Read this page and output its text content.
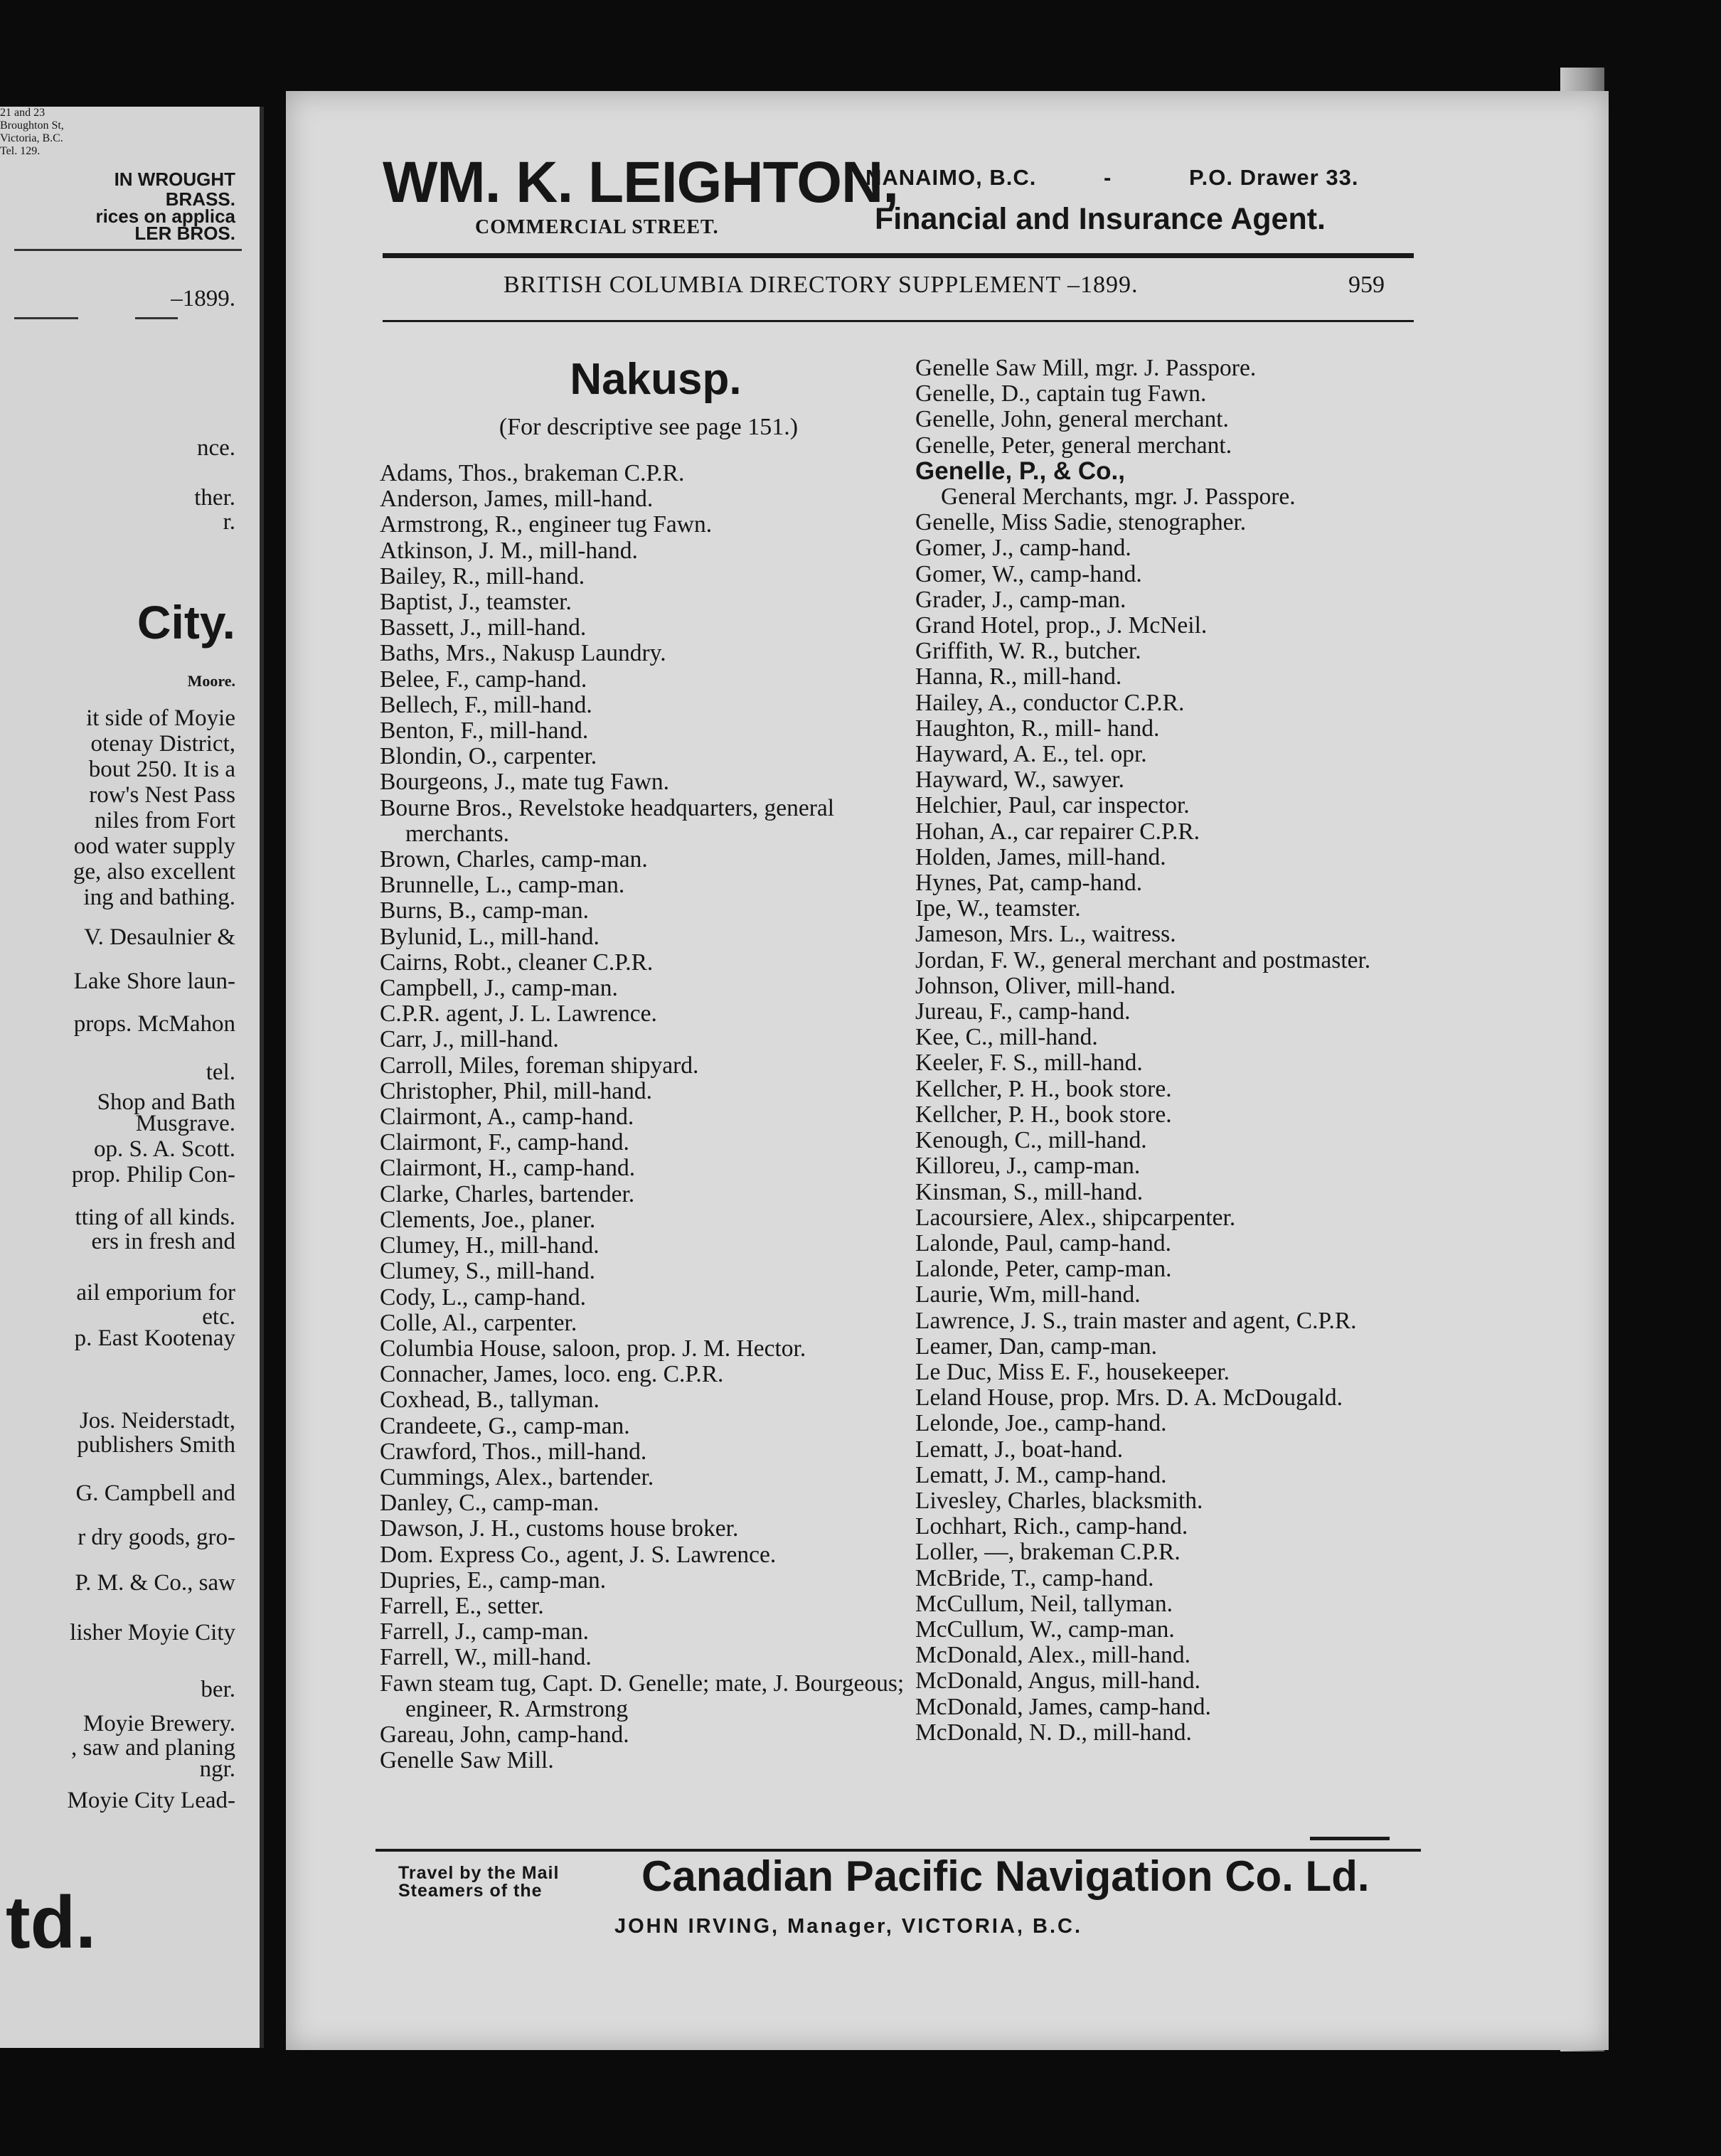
IN WROUGHT
BRASS.
rices on applica
LER BROS.
–1899.
nce.
ther.
r.
City.
Moore.
it side of Moyie
otenay District,
bout 250. It is a
row's Nest Pass
niles from Fort
ood water supply
ge, also excellent
ing and bathing.
V. Desaulnier &
Lake Shore laun-
props. McMahon
tel.
Shop and Bath
Musgrave.
op. S. A. Scott.
prop. Philip Con-
tting of all kinds.
ers in fresh and
ail emporium for
etc.
p. East Kootenay
Jos. Neiderstadt,
publishers Smith
G. Campbell and
r dry goods, gro-
P. M. & Co., saw
lisher Moyie City
ber.
Moyie Brewery.
, saw and planing
ngr.
Moyie City Lead-
td.
21 and 23
Broughton St,
Victoria, B.C.
Tel. 129.	WM. K. LEIGHTON,
COMMERCIAL STREET.
NANAIMO, B.C.	-	P.O. Drawer 33.
Financial and Insurance Agent.
BRITISH COLUMBIA DIRECTORY SUPPLEMENT –1899.	959
Nakusp.
(For descriptive see page 151.)
Adams, Thos., brakeman C.P.R.
Anderson, James, mill-hand.
Armstrong, R., engineer tug Fawn.
Atkinson, J. M., mill-hand.
Bailey, R., mill-hand.
Baptist, J., teamster.
Bassett, J., mill-hand.
Baths, Mrs., Nakusp Laundry.
Belee, F., camp-hand.
Bellech, F., mill-hand.
Benton, F., mill-hand.
Blondin, O., carpenter.
Bourgeons, J., mate tug Fawn.
Bourne Bros., Revelstoke headquarters, general merchants.
Brown, Charles, camp-man.
Brunnelle, L., camp-man.
Burns, B., camp-man.
Bylunid, L., mill-hand.
Cairns, Robt., cleaner C.P.R.
Campbell, J., camp-man.
C.P.R. agent, J. L. Lawrence.
Carr, J., mill-hand.
Carroll, Miles, foreman shipyard.
Christopher, Phil, mill-hand.
Clairmont, A., camp-hand.
Clairmont, F., camp-hand.
Clairmont, H., camp-hand.
Clarke, Charles, bartender.
Clements, Joe., planer.
Clumey, H., mill-hand.
Clumey, S., mill-hand.
Cody, L., camp-hand.
Colle, Al., carpenter.
Columbia House, saloon, prop. J. M. Hector.
Connacher, James, loco. eng. C.P.R.
Coxhead, B., tallyman.
Crandeete, G., camp-man.
Crawford, Thos., mill-hand.
Cummings, Alex., bartender.
Danley, C., camp-man.
Dawson, J. H., customs house broker.
Dom. Express Co., agent, J. S. Lawrence.
Dupries, E., camp-man.
Farrell, E., setter.
Farrell, J., camp-man.
Farrell, W., mill-hand.
Fawn steam tug, Capt. D. Genelle; mate, J. Bourgeous; engineer, R. Armstrong
Gareau, John, camp-hand.
Genelle Saw Mill.
Genelle Saw Mill, mgr. J. Passpore.
Genelle, D., captain tug Fawn.
Genelle, John, general merchant.
Genelle, Peter, general merchant.
Genelle, P., & Co.,
General Merchants, mgr. J. Passpore.
Genelle, Miss Sadie, stenographer.
Gomer, J., camp-hand.
Gomer, W., camp-hand.
Grader, J., camp-man.
Grand Hotel, prop., J. McNeil.
Griffith, W. R., butcher.
Hanna, R., mill-hand.
Hailey, A., conductor C.P.R.
Haughton, R., mill- hand.
Hayward, A. E., tel. opr.
Hayward, W., sawyer.
Helchier, Paul, car inspector.
Hohan, A., car repairer C.P.R.
Holden, James, mill-hand.
Hynes, Pat, camp-hand.
Ipe, W., teamster.
Jameson, Mrs. L., waitress.
Jordan, F. W., general merchant and postmaster.
Johnson, Oliver, mill-hand.
Jureau, F., camp-hand.
Kee, C., mill-hand.
Keeler, F. S., mill-hand.
Kellcher, P. H., book store.
Kellcher, P. H., book store.
Kenough, C., mill-hand.
Killoreu, J., camp-man.
Kinsman, S., mill-hand.
Lacoursiere, Alex., shipcarpenter.
Lalonde, Paul, camp-hand.
Lalonde, Peter, camp-man.
Laurie, Wm, mill-hand.
Lawrence, J. S., train master and agent, C.P.R.
Leamer, Dan, camp-man.
Le Duc, Miss E. F., housekeeper.
Leland House, prop. Mrs. D. A. McDougald.
Lelonde, Joe., camp-hand.
Lematt, J., boat-hand.
Lematt, J. M., camp-hand.
Livesley, Charles, blacksmith.
Lochhart, Rich., camp-hand.
Loller, —, brakeman C.P.R.
McBride, T., camp-hand.
McCullum, Neil, tallyman.
McCullum, W., camp-man.
McDonald, Alex., mill-hand.
McDonald, Angus, mill-hand.
McDonald, James, camp-hand.
McDonald, N. D., mill-hand.
Travel by the Mail
Steamers of the	Canadian Pacific Navigation Co. Ld.
JOHN IRVING, Manager, VICTORIA, B.C.
